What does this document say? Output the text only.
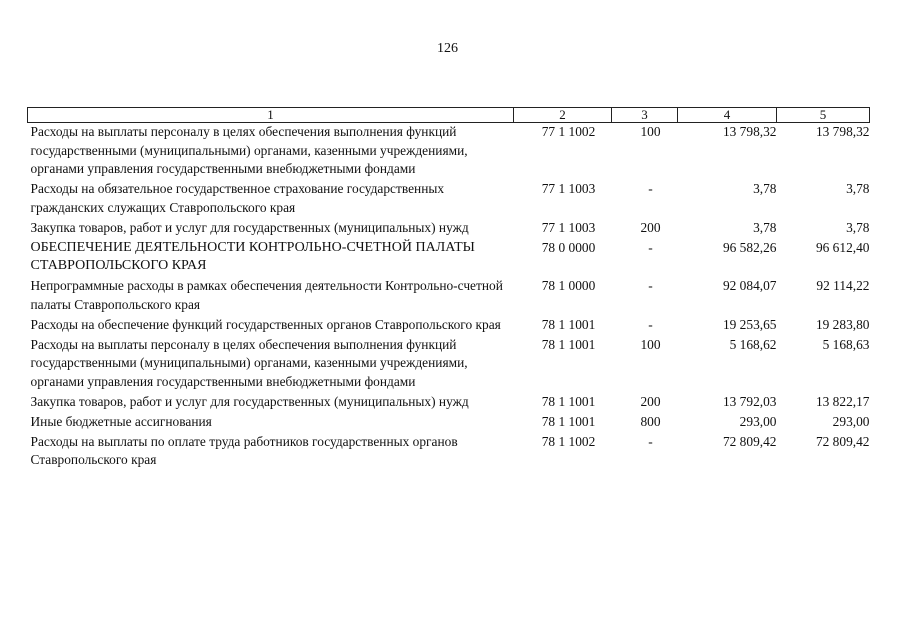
126
1	2	3	4	5
Расходы на выплаты персоналу в целях обеспечения выполнения функций государственными (муниципальными) органами, казенными учреждениями, органами управления государственными внебюджетными фондами	77 1 1002	100	13 798,32	13 798,32
Расходы на обязательное государственное страхование государственных гражданских служащих Ставропольского края	77 1 1003	-	3,78	3,78
Закупка товаров, работ и услуг для государственных (муниципальных) нужд	77 1 1003	200	3,78	3,78
ОБЕСПЕЧЕНИЕ ДЕЯТЕЛЬНОСТИ КОНТРОЛЬНО-СЧЕТНОЙ ПАЛАТЫ СТАВРОПОЛЬСКОГО КРАЯ	78 0 0000	-	96 582,26	96 612,40
Непрограммные расходы в рамках обеспечения деятельности Контрольно-счетной палаты Ставропольского края	78 1 0000	-	92 084,07	92 114,22
Расходы на обеспечение функций государственных органов Ставропольского края	78 1 1001	-	19 253,65	19 283,80
Расходы на выплаты персоналу в целях обеспечения выполнения функций государственными (муниципальными) органами, казенными учреждениями, органами управления государственными внебюджетными фондами	78 1 1001	100	5 168,62	5 168,63
Закупка товаров, работ и услуг для государственных (муниципальных) нужд	78 1 1001	200	13 792,03	13 822,17
Иные бюджетные ассигнования	78 1 1001	800	293,00	293,00
Расходы на выплаты по оплате труда работников государственных органов Ставропольского края	78 1 1002	-	72 809,42	72 809,42
